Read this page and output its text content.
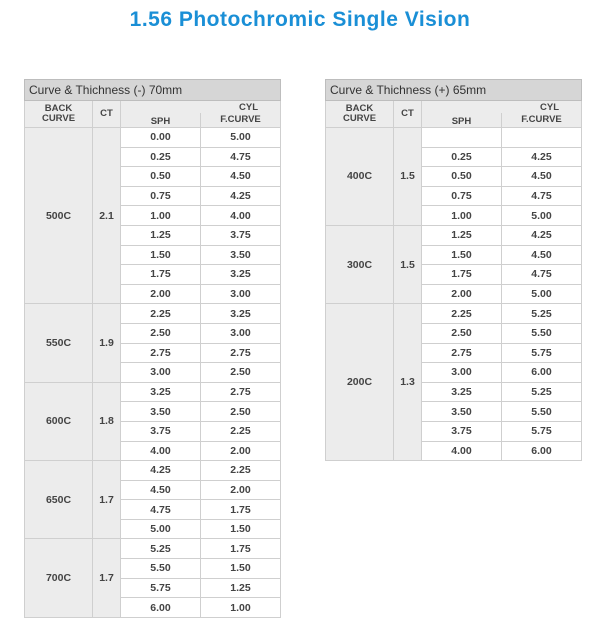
1.56 Photochromic Single Vision
Curve & Thichness (-) 70mm			
BACK
CURVE	CT	CYL	
		SPH	F.CURVE
500C	2.1	0.00	5.00
		0.25	4.75
		0.50	4.50
		0.75	4.25
		1.00	4.00
		1.25	3.75
		1.50	3.50
		1.75	3.25
		2.00	3.00
550C	1.9	2.25	3.25
		2.50	3.00
		2.75	2.75
		3.00	2.50
600C	1.8	3.25	2.75
		3.50	2.50
		3.75	2.25
		4.00	2.00
650C	1.7	4.25	2.25
		4.50	2.00
		4.75	1.75
		5.00	1.50
700C	1.7	5.25	1.75
		5.50	1.50
		5.75	1.25
		6.00	1.00
Curve & Thichness (+) 65mm			
BACK
CURVE	CT	CYL	
		SPH	F.CURVE
400C	1.5		
		0.25	4.25
		0.50	4.50
		0.75	4.75
		1.00	5.00
300C	1.5	1.25	4.25
		1.50	4.50
		1.75	4.75
		2.00	5.00
200C	1.3	2.25	5.25
		2.50	5.50
		2.75	5.75
		3.00	6.00
		3.25	5.25
		3.50	5.50
		3.75	5.75
		4.00	6.00
